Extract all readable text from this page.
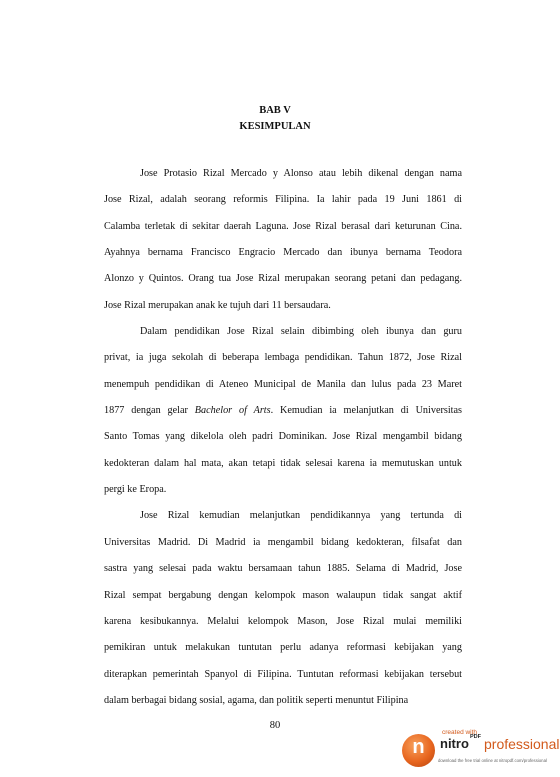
BAB V
KESIMPULAN

Jose Protasio Rizal Mercado y Alonso atau lebih dikenal dengan nama
Jose Rizal, adalah seorang reformis Filipina. Ia lahir pada 19 Juni 1861 di
Calamba terletak di sekitar daerah Laguna. Jose Rizal berasal dari keturunan Cina.
Ayahnya bernama Francisco Engracio Mercado dan ibunya bernama Teodora
Alonzo y Quintos. Orang tua Jose Rizal merupakan seorang petani dan pedagang.
Jose Rizal merupakan anak ke tujuh dari 11 bersaudara.

Dalam pendidikan Jose Rizal selain dibimbing oleh ibunya dan guru
privat, ia juga sekolah di beberapa lembaga pendidikan. Tahun 1872, Jose Rizal
menempuh pendidikan di Ateneo Municipal de Manila dan lulus pada 23 Maret
1877 dengan gelar Bachelor of Arts. Kemudian ia melanjutkan di Universitas
Santo Tomas yang dikelola oleh padri Dominikan. Jose Rizal mengambil bidang
kedokteran dalam hal mata, akan tetapi tidak selesai karena ia memutuskan untuk
pergi ke Eropa.

Jose Rizal kemudian melanjutkan pendidikannya yang tertunda di
Universitas Madrid. Di Madrid ia mengambil bidang kedokteran, filsafat dan
sastra yang selesai pada waktu bersamaan tahun 1885. Selama di Madrid, Jose
Rizal sempat bergabung dengan kelompok mason walaupun tidak sangat aktif
karena kesibukannya. Melalui kelompok Mason, Jose Rizal mulai memiliki
pemikiran untuk melakukan tuntutan perlu adanya reformasi kebijakan yang
diterapkan pemerintah Spanyol di Filipina. Tuntutan reformasi kebijakan tersebut
dalam berbagai bidang sosial, agama, dan politik seperti menuntut Filipina

80
n
created with
nitro PDF professional
download the free trial online at nitropdf.com/professional
